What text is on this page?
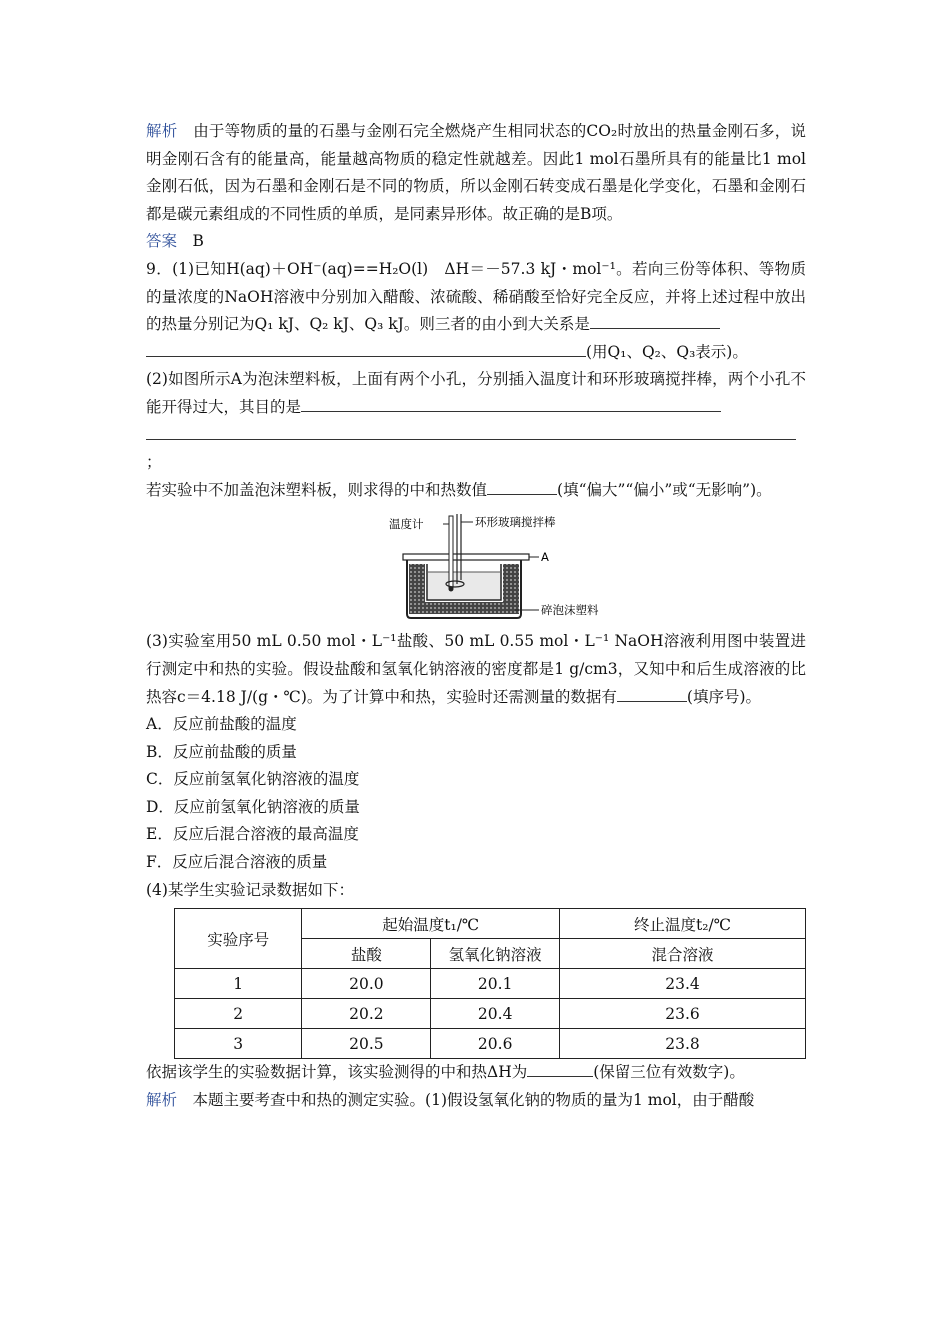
解析　 由于等物质的量的石墨与金刚石完全燃烧产生相同状态的CO₂时放出的热量金刚石多，说明金刚石含有的能量高，能量越高物质的稳定性就越差。因此1 mol石墨所具有的能量比1 mol金刚石低，因为石墨和金刚石是不同的物质，所以金刚石转变成石墨是化学变化，石墨和金刚石都是碳元素组成的不同性质的单质，是同素异形体。故正确的是B项。

答案　 B

9．(1)已知H(aq)＋OH⁻(aq)==H₂O(l)　ΔH＝－57.3 kJ・mol⁻¹。若向三份等体积、等物质的量浓度的NaOH溶液中分别加入醋酸、浓硫酸、稀硝酸至恰好完全反应，并将上述过程中放出的热量分别记为Q₁ kJ、Q₂ kJ、Q₃ kJ。则三者的由小到大关系是
(用Q₁、Q₂、Q₃表示)。

(2)如图所示A为泡沫塑料板，上面有两个小孔，分别插入温度计和环形玻璃搅拌棒，两个小孔不能开得过大，其目的是

；

若实验中不加盖泡沫塑料板，则求得的中和热数值	(填“偏大”“偏小”或“无影响”)。

温度计	环形玻璃搅拌棒
A
碎泡沫塑料

(3)实验室用50 mL 0.50 mol・L⁻¹盐酸、50 mL 0.55 mol・L⁻¹ NaOH溶液利用图中装置进行测定中和热的实验。假设盐酸和氢氧化钠溶液的密度都是1 g/cm3，又知中和后生成溶液的比热容c＝4.18 J/(g・℃)。为了计算中和热，实验时还需测量的数据有	(填序号)。

A．反应前盐酸的温度

B．反应前盐酸的质量

C．反应前氢氧化钠溶液的温度

D．反应前氢氧化钠溶液的质量

E．反应后混合溶液的最高温度

F．反应后混合溶液的质量

(4)某学生实验记录数据如下：

实验序号	起始温度t₁/℃		终止温度t₂/℃
	盐酸	氢氧化钠溶液	混合溶液
1	20.0	20.1	23.4
2	20.2	20.4	23.6
3	20.5	20.6	23.8

依据该学生的实验数据计算，该实验测得的中和热ΔH为	(保留三位有效数字)。

解析　 本题主要考查中和热的测定实验。(1)假设氢氧化钠的物质的量为1 mol，由于醋酸
